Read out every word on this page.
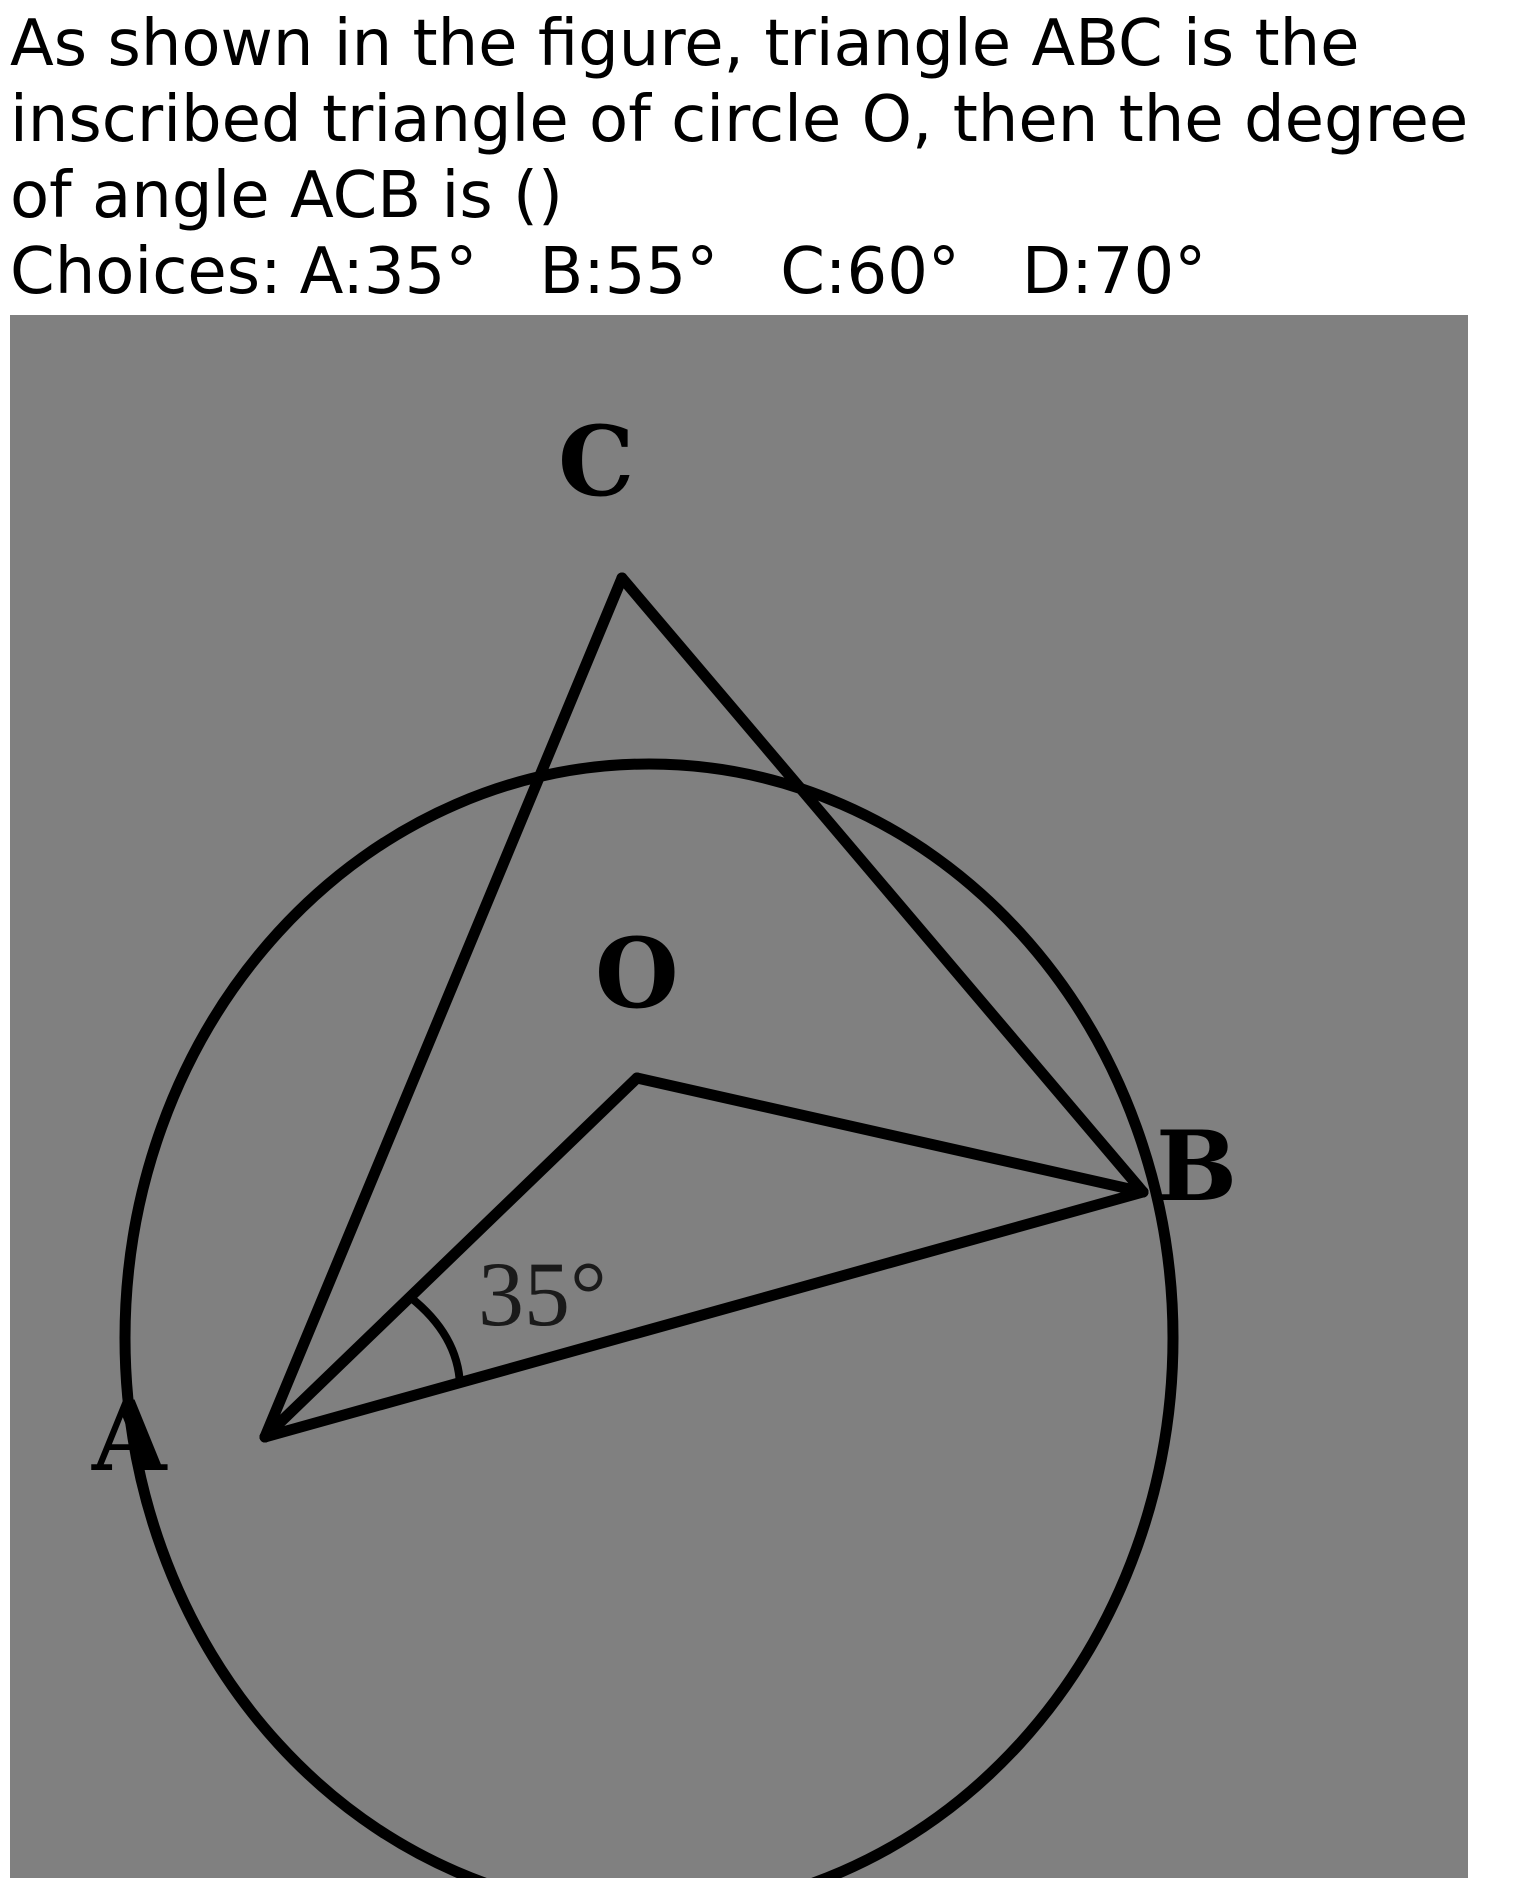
As shown in the figure, triangle ABC is the inscribed triangle of circle O, then the degree of angle ACB is ()

Choices: A:35° B:55° C:60° D:70°
C
O
B
A
35°
